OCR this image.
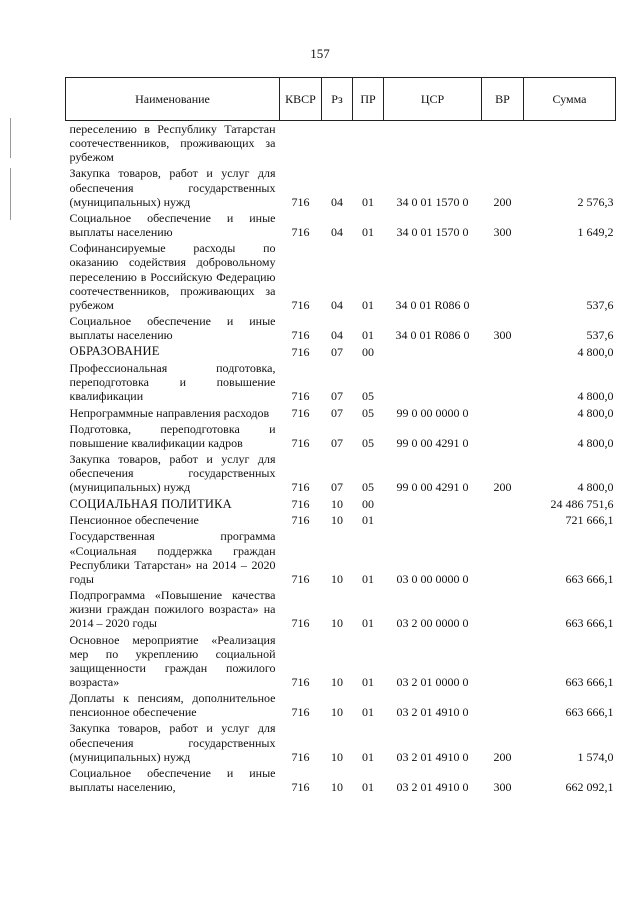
157
Наименование	КВСР	Рз	ПР	ЦСР	ВР	Сумма
переселению в Республику Татарстан соотечественников, проживающих за рубежом						
Закупка товаров, работ и услуг для обеспечения государственных (муниципальных) нужд	716	04	01	34 0 01 1570 0	200	2 576,3
Социальное обеспечение и иные выплаты населению	716	04	01	34 0 01 1570 0	300	1 649,2
Софинансируемые расходы по оказанию содействия добровольному переселению в Российскую Федерацию соотечественников, проживающих за рубежом	716	04	01	34 0 01 R086 0		537,6
Социальное обеспечение и иные выплаты населению	716	04	01	34 0 01 R086 0	300	537,6
ОБРАЗОВАНИЕ	716	07	00			4 800,0
Профессиональная подготовка, переподготовка и повышение квалификации	716	07	05			4 800,0
Непрограммные направления расходов	716	07	05	99 0 00 0000 0		4 800,0
Подготовка, переподготовка и повышение квалификации кадров	716	07	05	99 0 00 4291 0		4 800,0
Закупка товаров, работ и услуг для обеспечения государственных (муниципальных) нужд	716	07	05	99 0 00 4291 0	200	4 800,0
СОЦИАЛЬНАЯ ПОЛИТИКА	716	10	00			24 486 751,6
Пенсионное обеспечение	716	10	01			721 666,1
Государственная программа «Социальная поддержка граждан Республики Татарстан» на 2014 – 2020 годы	716	10	01	03 0 00 0000 0		663 666,1
Подпрограмма «Повышение качества жизни граждан пожилого возраста» на 2014 – 2020 годы	716	10	01	03 2 00 0000 0		663 666,1
Основное мероприятие «Реализация мер по укреплению социальной защищенности граждан пожилого возраста»	716	10	01	03 2 01 0000 0		663 666,1
Доплаты к пенсиям, дополнительное пенсионное обеспечение	716	10	01	03 2 01 4910 0		663 666,1
Закупка товаров, работ и услуг для обеспечения государственных (муниципальных) нужд	716	10	01	03 2 01 4910 0	200	1 574,0
Социальное обеспечение и иные выплаты населению,	716	10	01	03 2 01 4910 0	300	662 092,1
